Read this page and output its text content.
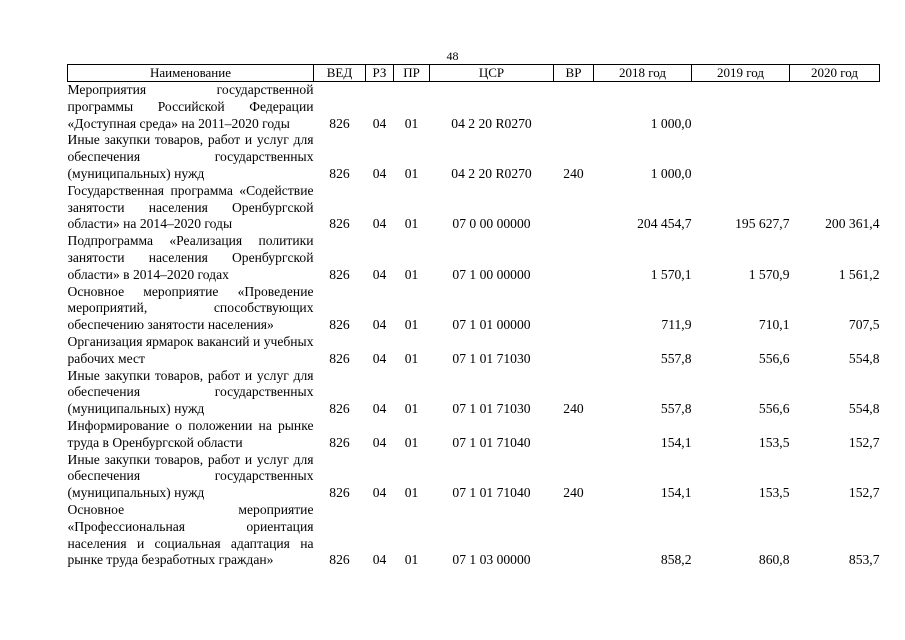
48
Наименование	ВЕД	РЗ	ПР	ЦСР	ВР	2018 год	2019 год	2020 год
Мероприятия государственной программы Российской Федерации «Доступная среда» на 2011–2020 годы	826	04	01	04 2 20 R0270		1 000,0		
Иные закупки товаров, работ и услуг для обеспечения государственных (муниципальных) нужд	826	04	01	04 2 20 R0270	240	1 000,0		
Государственная программа «Содействие занятости населения Оренбургской области» на 2014–2020 годы	826	04	01	07 0 00 00000		204 454,7	195 627,7	200 361,4
Подпрограмма «Реализация политики занятости населения Оренбургской области» в 2014–2020 годах	826	04	01	07 1 00 00000		1 570,1	1 570,9	1 561,2
Основное мероприятие «Проведение мероприятий, способствующих обеспечению занятости населения»	826	04	01	07 1 01 00000		711,9	710,1	707,5
Организация ярмарок вакансий и учебных рабочих мест	826	04	01	07 1 01 71030		557,8	556,6	554,8
Иные закупки товаров, работ и услуг для обеспечения государственных (муниципальных) нужд	826	04	01	07 1 01 71030	240	557,8	556,6	554,8
Информирование о положении на рынке труда в Оренбургской области	826	04	01	07 1 01 71040		154,1	153,5	152,7
Иные закупки товаров, работ и услуг для обеспечения государственных (муниципальных) нужд	826	04	01	07 1 01 71040	240	154,1	153,5	152,7
Основное мероприятие «Профессиональная ориентация населения и социальная адаптация на рынке труда безработных граждан»	826	04	01	07 1 03 00000		858,2	860,8	853,7
